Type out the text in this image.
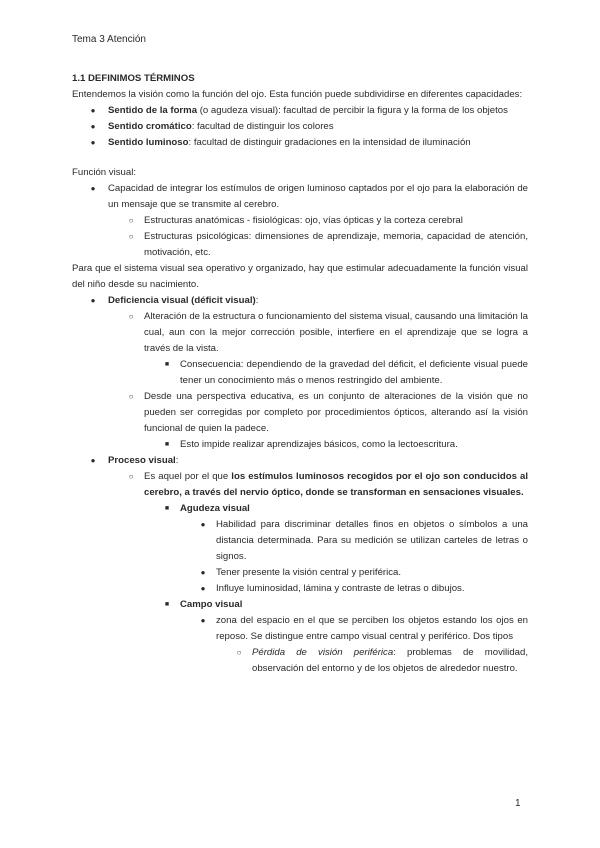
Tema 3 Atención
1.1 DEFINIMOS TÉRMINOS

Entendemos la visión como la función del ojo. Esta función puede subdividirse en diferentes capacidades:

● Sentido de la forma (o agudeza visual): facultad de percibir la figura y la forma de los objetos
● Sentido cromático: facultad de distinguir los colores
● Sentido luminoso: facultad de distinguir gradaciones en la intensidad de iluminación

Función visual:

● Capacidad de integrar los estímulos de origen luminoso captados por el ojo para la elaboración de un mensaje que se transmite al cerebro.
○ Estructuras anatómicas - fisiológicas: ojo, vías ópticas y la corteza cerebral
○ Estructuras psicológicas: dimensiones de aprendizaje, memoria, capacidad de atención, motivación, etc.

Para que el sistema visual sea operativo y organizado, hay que estimular adecuadamente la función visual del niño desde su nacimiento.

● Deficiencia visual (déficit visual):
○ Alteración de la estructura o funcionamiento del sistema visual, causando una limitación la cual, aun con la mejor corrección posible, interfiere en el aprendizaje que se logra a través de la vista.
■	Consecuencia: dependiendo de la gravedad del déficit, el deficiente visual puede tener un conocimiento más o menos restringido del ambiente.
○ Desde una perspectiva educativa, es un conjunto de alteraciones de la visión que no pueden ser corregidas por completo por procedimientos ópticos, alterando así la visión funcional de quien la padece.
■	Esto impide realizar aprendizajes básicos, como la lectoescritura.
● Proceso visual:
○ Es aquel por el que los estímulos luminosos recogidos por el ojo son conducidos al cerebro, a través del nervio óptico, donde se transforman en sensaciones visuales.
■	Agudeza visual
● Habilidad para discriminar detalles finos en objetos o símbolos a una distancia determinada. Para su medición se utilizan carteles de letras o signos.
● Tener presente la visión central y periférica.
● Influye luminosidad, lámina y contraste de letras o dibujos.
■	Campo visual
● zona del espacio en el que se perciben los objetos estando los ojos en reposo. Se distingue entre campo visual central y periférico. Dos tipos
○ Pérdida de visión periférica: problemas de movilidad, observación del entorno y de los objetos de alrededor nuestro.
1
